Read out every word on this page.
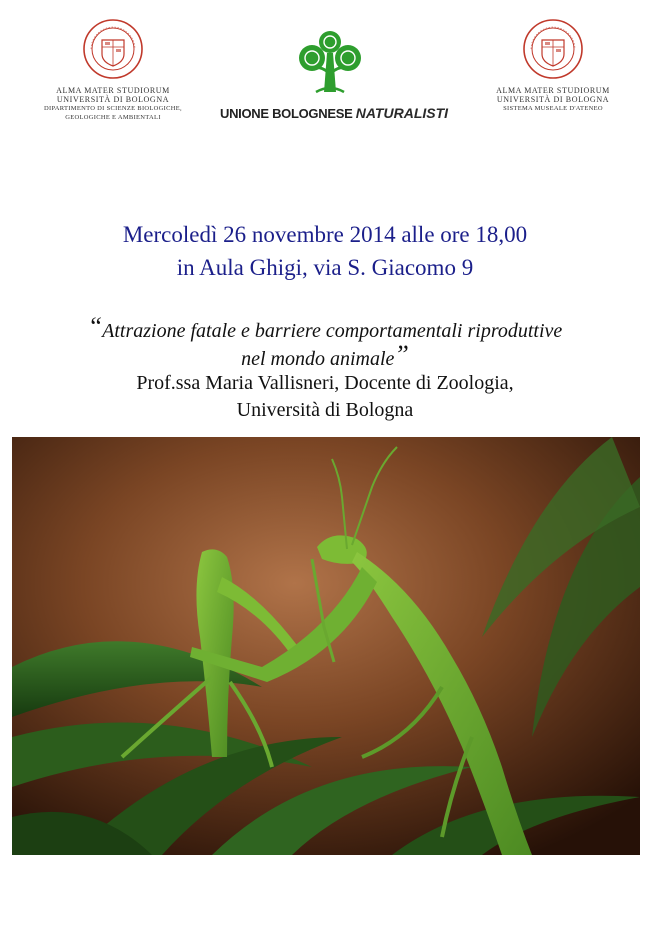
ALMA MATER STUDIORUM
UNIVERSITÀ DI BOLOGNA
DIPARTIMENTO DI SCIENZE BIOLOGICHE,
GEOLOGICHE E AMBIENTALI	UNIONE BOLOGNESE NATURALISTI
ALMA MATER STUDIORUM
UNIVERSITÀ DI BOLOGNA
SISTEMA MUSEALE D'ATENEO
Mercoledì 26 novembre 2014 alle ore 18,00
in Aula Ghigi, via S. Giacomo 9
“Attrazione fatale e barriere comportamentali riproduttive
nel mondo animale”
Prof.ssa Maria Vallisneri, Docente di Zoologia,
Università di Bologna
